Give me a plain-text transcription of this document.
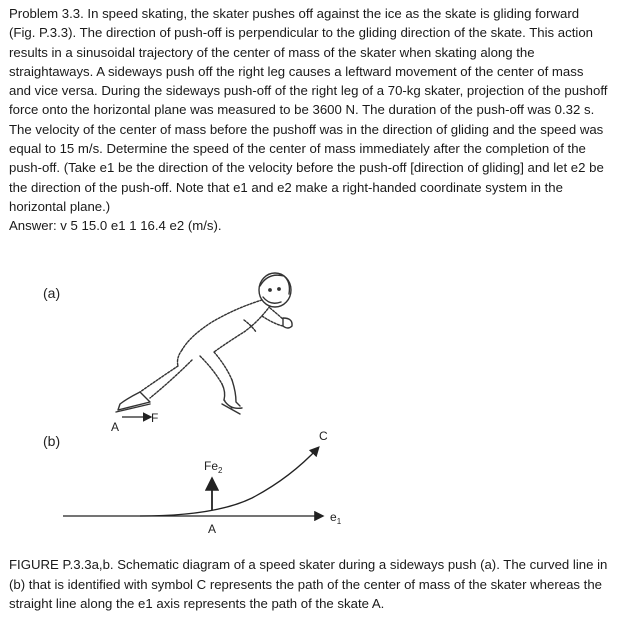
Problem 3.3. In speed skating, the skater pushes off against the ice as the skate is gliding forward (Fig. P.3.3). The direction of push-off is perpendicular to the gliding direction of the skate. This action results in a sinusoidal trajectory of the center of mass of the skater when skating along the straightaways. A sideways push off the right leg causes a leftward movement of the center of mass and vice versa. During the sideways push-off of the right leg of a 70-kg skater, projection of the pushoff force onto the horizontal plane was measured to be 3600 N. The duration of the push-off was 0.32 s. The velocity of the center of mass before the pushoff was in the direction of gliding and the speed was equal to 15 m/s. Determine the speed of the center of mass immediately after the completion of the push-off. (Take e1 be the direction of the velocity before the push-off [direction of gliding] and let e2 be the direction of the push-off. Note that e1 and e2 make a right-handed coordinate system in the horizontal plane.)

Answer: v 5 15.0 e1 1 16.4 e2 (m/s).

(a)
(b)
A
F
C
$Fe_2$
$e_1$
A

FIGURE P.3.3a,b. Schematic diagram of a speed skater during a sideways push (a). The curved line in (b) that is identified with symbol C represents the path of the center of mass of the skater whereas the straight line along the e1 axis represents the path of the skate A.
